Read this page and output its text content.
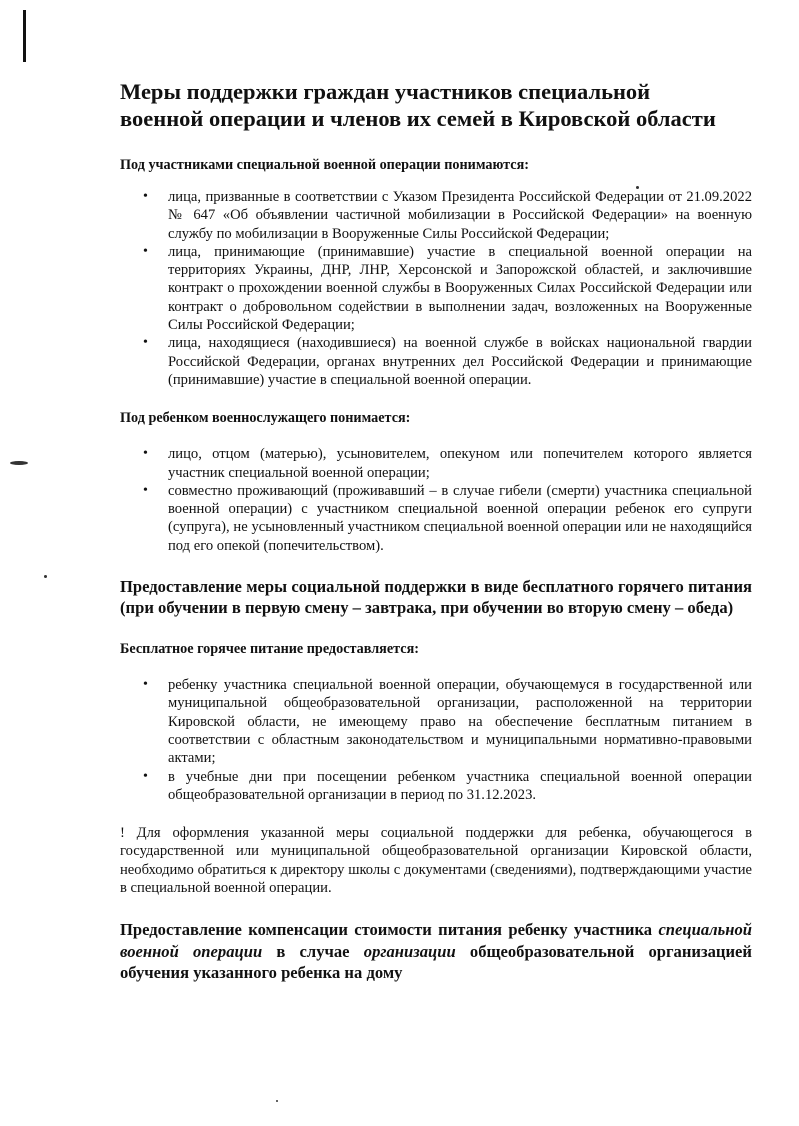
Меры поддержки граждан участников специальной военной операции и членов их семей в Кировской области

Под участниками специальной военной операции понимаются:

• лица, призванные в соответствии с Указом Президента Российской Федерации от 21.09.2022 № 647 «Об объявлении частичной мобилизации в Российской Федерации» на военную службу по мобилизации в Вооруженные Силы Российской Федерации;
• лица, принимающие (принимавшие) участие в специальной военной операции на территориях Украины, ДНР, ЛНР, Херсонской и Запорожской областей, и заключившие контракт о прохождении военной службы в Вооруженных Силах Российской Федерации или контракт о добровольном содействии в выполнении задач, возложенных на Вооруженные Силы Российской Федерации;
• лица, находящиеся (находившиеся) на военной службе в войсках национальной гвардии Российской Федерации, органах внутренних дел Российской Федерации и принимающие (принимавшие) участие в специальной военной операции.

Под ребенком военнослужащего понимается:

• лицо, отцом (матерью), усыновителем, опекуном или попечителем которого является участник специальной военной операции;
• совместно проживающий (проживавший – в случае гибели (смерти) участника специальной военной операции) с участником специальной военной операции ребенок его супруги (супруга), не усыновленный участником специальной военной операции или не находящийся под его опекой (попечительством).
Предоставление меры социальной поддержки в виде бесплатного горячего питания (при обучении в первую смену – завтрака, при обучении во вторую смену – обеда)

Бесплатное горячее питание предоставляется:

• ребенку участника специальной военной операции, обучающемуся в государственной или муниципальной общеобразовательной организации, расположенной на территории Кировской области, не имеющему право на обеспечение бесплатным питанием в соответствии с областным законодательством и муниципальными нормативно-правовыми актами;
• в учебные дни при посещении ребенком участника специальной военной операции общеобразовательной организации в период по 31.12.2023.

! Для оформления указанной меры социальной поддержки для ребенка, обучающегося в государственной или муниципальной общеобразовательной организации Кировской области, необходимо обратиться к директору школы с документами (сведениями), подтверждающими участие в специальной военной операции.

Предоставление компенсации стоимости питания ребенку участника специальной военной операции в случае организации общеобразовательной организацией обучения указанного ребенка на дому
